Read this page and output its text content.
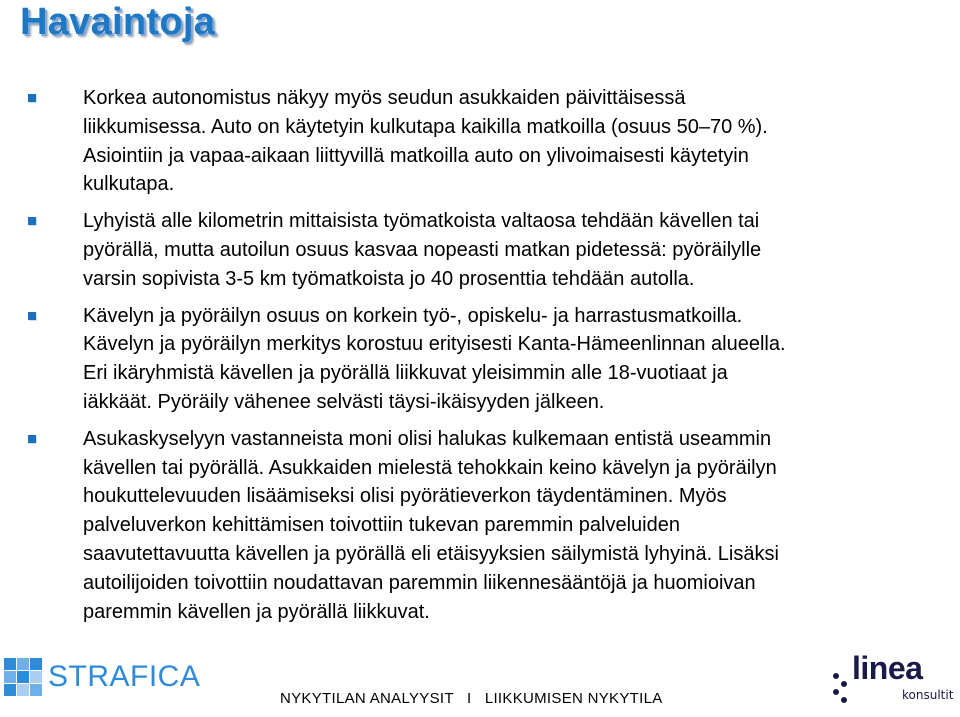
Havaintoja
Korkea autonomistus näkyy myös seudun asukkaiden päivittäisessä
liikkumisessa. Auto on käytetyin kulkutapa kaikilla matkoilla (osuus 50–70 %).
Asiointiin ja vapaa-aikaan liittyvillä matkoilla auto on ylivoimaisesti käytetyin
kulkutapa.
Lyhyistä alle kilometrin mittaisista työmatkoista valtaosa tehdään kävellen tai
pyörällä, mutta autoilun osuus kasvaa nopeasti matkan pidetessä: pyöräilylle
varsin sopivista 3-5 km työmatkoista jo 40 prosenttia tehdään autolla.
Kävelyn ja pyöräilyn osuus on korkein työ-, opiskelu- ja harrastusmatkoilla.
Kävelyn ja pyöräilyn merkitys korostuu erityisesti Kanta-Hämeenlinnan alueella.
Eri ikäryhmistä kävellen ja pyörällä liikkuvat yleisimmin alle 18-vuotiaat ja
iäkkäät. Pyöräily vähenee selvästi täysi-ikäisyyden jälkeen.
Asukaskyselyyn vastanneista moni olisi halukas kulkemaan entistä useammin
kävellen tai pyörällä. Asukkaiden mielestä tehokkain keino kävelyn ja pyöräilyn
houkuttelevuuden lisäämiseksi olisi pyörätieverkon täydentäminen. Myös
palveluverkon kehittämisen toivottiin tukevan paremmin palveluiden
saavutettavuutta kävellen ja pyörällä eli etäisyyksien säilymistä lyhyinä. Lisäksi
autoilijoiden toivottiin noudattavan paremmin liikennesääntöjä ja huomioivan
paremmin kävellen ja pyörällä liikkuvat.
STRAFICA
NYKYTILAN ANALYYSIT   I   LIIKKUMISEN NYKYTILA
linea
konsultit
